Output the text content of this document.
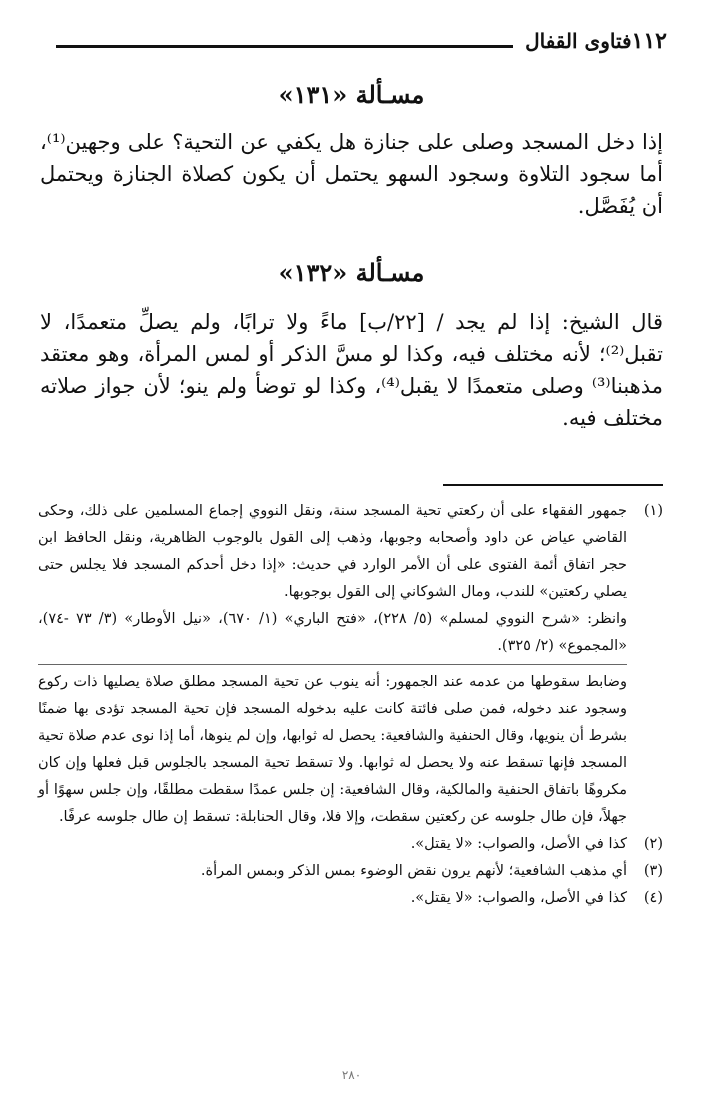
١١٢
فتاوى القفال
مسـألة «١٣١»

إذا دخل المسجد وصلى على جنازة هل يكفي عن التحية؟ على وجهين⁽¹⁾، أما سجود التلاوة وسجود السهو يحتمل أن يكون كصلاة الجنازة ويحتمل أن يُفَصَّل.

مسـألة «١٣٢»

قال الشيخ: إذا لم يجد / [٢٢/ب] ماءً ولا ترابًا، ولم يصلِّ متعمدًا، لا تقبل⁽²⁾؛ لأنه مختلف فيه، وكذا لو مسَّ الذكر أو لمس المرأة، وهو معتقد مذهبنا⁽³⁾ وصلى متعمدًا لا يقبل⁽⁴⁾، وكذا لو توضأ ولم ينو؛ لأن جواز صلاته مختلف فيه.

(١)

جمهور الفقهاء على أن ركعتي تحية المسجد سنة، ونقل النووي إجماع المسلمين على ذلك، وحكى القاضي عياض عن داود وأصحابه وجوبها، وذهب إلى القول بالوجوب الظاهرية، ونقل الحافظ ابن حجر اتفاق أئمة الفتوى على أن الأمر الوارد في حديث: «إذا دخل أحدكم المسجد فلا يجلس حتى يصلي ركعتين» للندب، ومال الشوكاني إلى القول بوجوبها.

وانظر: «شرح النووي لمسلم» (٥/ ٢٢٨)، «فتح الباري» (١/ ٦٧٠)، «نيل الأوطار» (٣/ ٧٣ -٧٤)، «المجموع» (٢/ ٣٢٥).

وضابط سقوطها من عدمه عند الجمهور: أنه ينوب عن تحية المسجد مطلق صلاة يصليها ذات ركوع وسجود عند دخوله، فمن صلى فائتة كانت عليه بدخوله المسجد فإن تحية المسجد تؤدى بها ضمنًا بشرط أن ينويها، وقال الحنفية والشافعية: يحصل له ثوابها، وإن لم ينوها، أما إذا نوى عدم صلاة تحية المسجد فإنها تسقط عنه ولا يحصل له ثوابها. ولا تسقط تحية المسجد بالجلوس قبل فعلها وإن كان مكروهًا باتفاق الحنفية والمالكية، وقال الشافعية: إن جلس عمدًا سقطت مطلقًا، وإن جلس سهوًا أو جهلاً، فإن طال جلوسه عن ركعتين سقطت، وإلا فلا، وقال الحنابلة: تسقط إن طال جلوسه عرفًا.

(٢)

كذا في الأصل، والصواب: «لا يقتل».

(٣)

أي مذهب الشافعية؛ لأنهم يرون نقض الوضوء بمس الذكر وبمس المرأة.

(٤)

كذا في الأصل، والصواب: «لا يقتل».

٢٨٠
